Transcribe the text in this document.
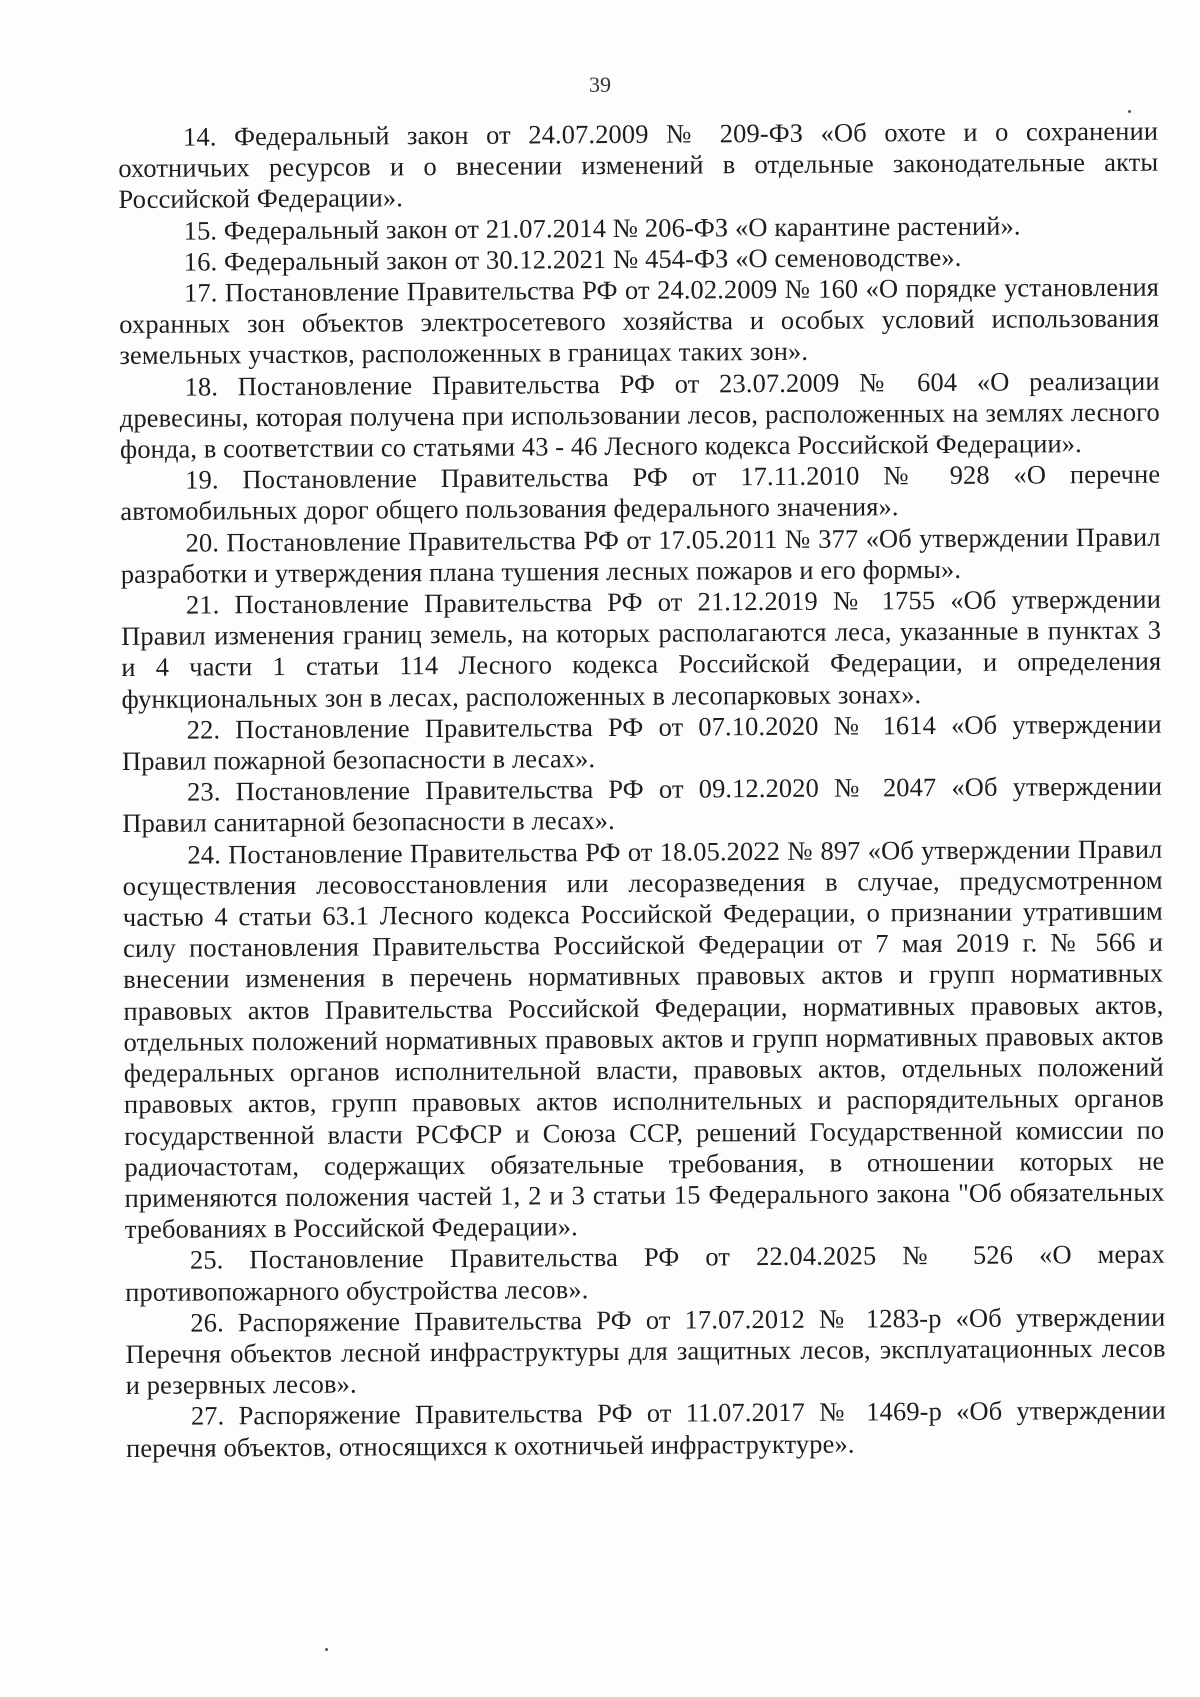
39

14. Федеральный закон от 24.07.2009 № 209-ФЗ «Об охоте и о сохранении охотничьих ресурсов и о внесении изменений в отдельные законодательные акты Российской Федерации».

15. Федеральный закон от 21.07.2014 № 206-ФЗ «О карантине растений».

16. Федеральный закон от 30.12.2021 № 454-ФЗ «О семеноводстве».

17. Постановление Правительства РФ от 24.02.2009 № 160 «О порядке установления охранных зон объектов электросетевого хозяйства и особых условий использования земельных участков, расположенных в границах таких зон».

18. Постановление Правительства РФ от 23.07.2009 № 604 «О реализации древесины, которая получена при использовании лесов, расположенных на землях лесного фонда, в соответствии со статьями 43 - 46 Лесного кодекса Российской Федерации».

19. Постановление Правительства РФ от 17.11.2010 № 928 «О перечне автомобильных дорог общего пользования федерального значения».

20. Постановление Правительства РФ от 17.05.2011 № 377 «Об утверждении Правил разработки и утверждения плана тушения лесных пожаров и его формы».

21. Постановление Правительства РФ от 21.12.2019 № 1755 «Об утверждении Правил изменения границ земель, на которых располагаются леса, указанные в пунктах 3 и 4 части 1 статьи 114 Лесного кодекса Российской Федерации, и определения функциональных зон в лесах, расположенных в лесопарковых зонах».

22. Постановление Правительства РФ от 07.10.2020 № 1614 «Об утверждении Правил пожарной безопасности в лесах».

23. Постановление Правительства РФ от 09.12.2020 № 2047 «Об утверждении Правил санитарной безопасности в лесах».

24. Постановление Правительства РФ от 18.05.2022 № 897 «Об утверждении Правил осуществления лесовосстановления или лесоразведения в случае, предусмотренном частью 4 статьи 63.1 Лесного кодекса Российской Федерации, о признании утратившим силу постановления Правительства Российской Федерации от 7 мая 2019 г. № 566 и внесении изменения в перечень нормативных правовых актов и групп нормативных правовых актов Правительства Российской Федерации, нормативных правовых актов, отдельных положений нормативных правовых актов и групп нормативных правовых актов федеральных органов исполнительной власти, правовых актов, отдельных положений правовых актов, групп правовых актов исполнительных и распорядительных органов государственной власти РСФСР и Союза ССР, решений Государственной комиссии по радиочастотам, содержащих обязательные требования, в отношении которых не применяются положения частей 1, 2 и 3 статьи 15 Федерального закона "Об обязательных требованиях в Российской Федерации».

25. Постановление Правительства РФ от 22.04.2025 № 526 «О мерах противопожарного обустройства лесов».

26. Распоряжение Правительства РФ от 17.07.2012 № 1283-р «Об утверждении Перечня объектов лесной инфраструктуры для защитных лесов, эксплуатационных лесов и резервных лесов».

27. Распоряжение Правительства РФ от 11.07.2017 № 1469-р «Об утверждении перечня объектов, относящихся к охотничьей инфраструктуре».
